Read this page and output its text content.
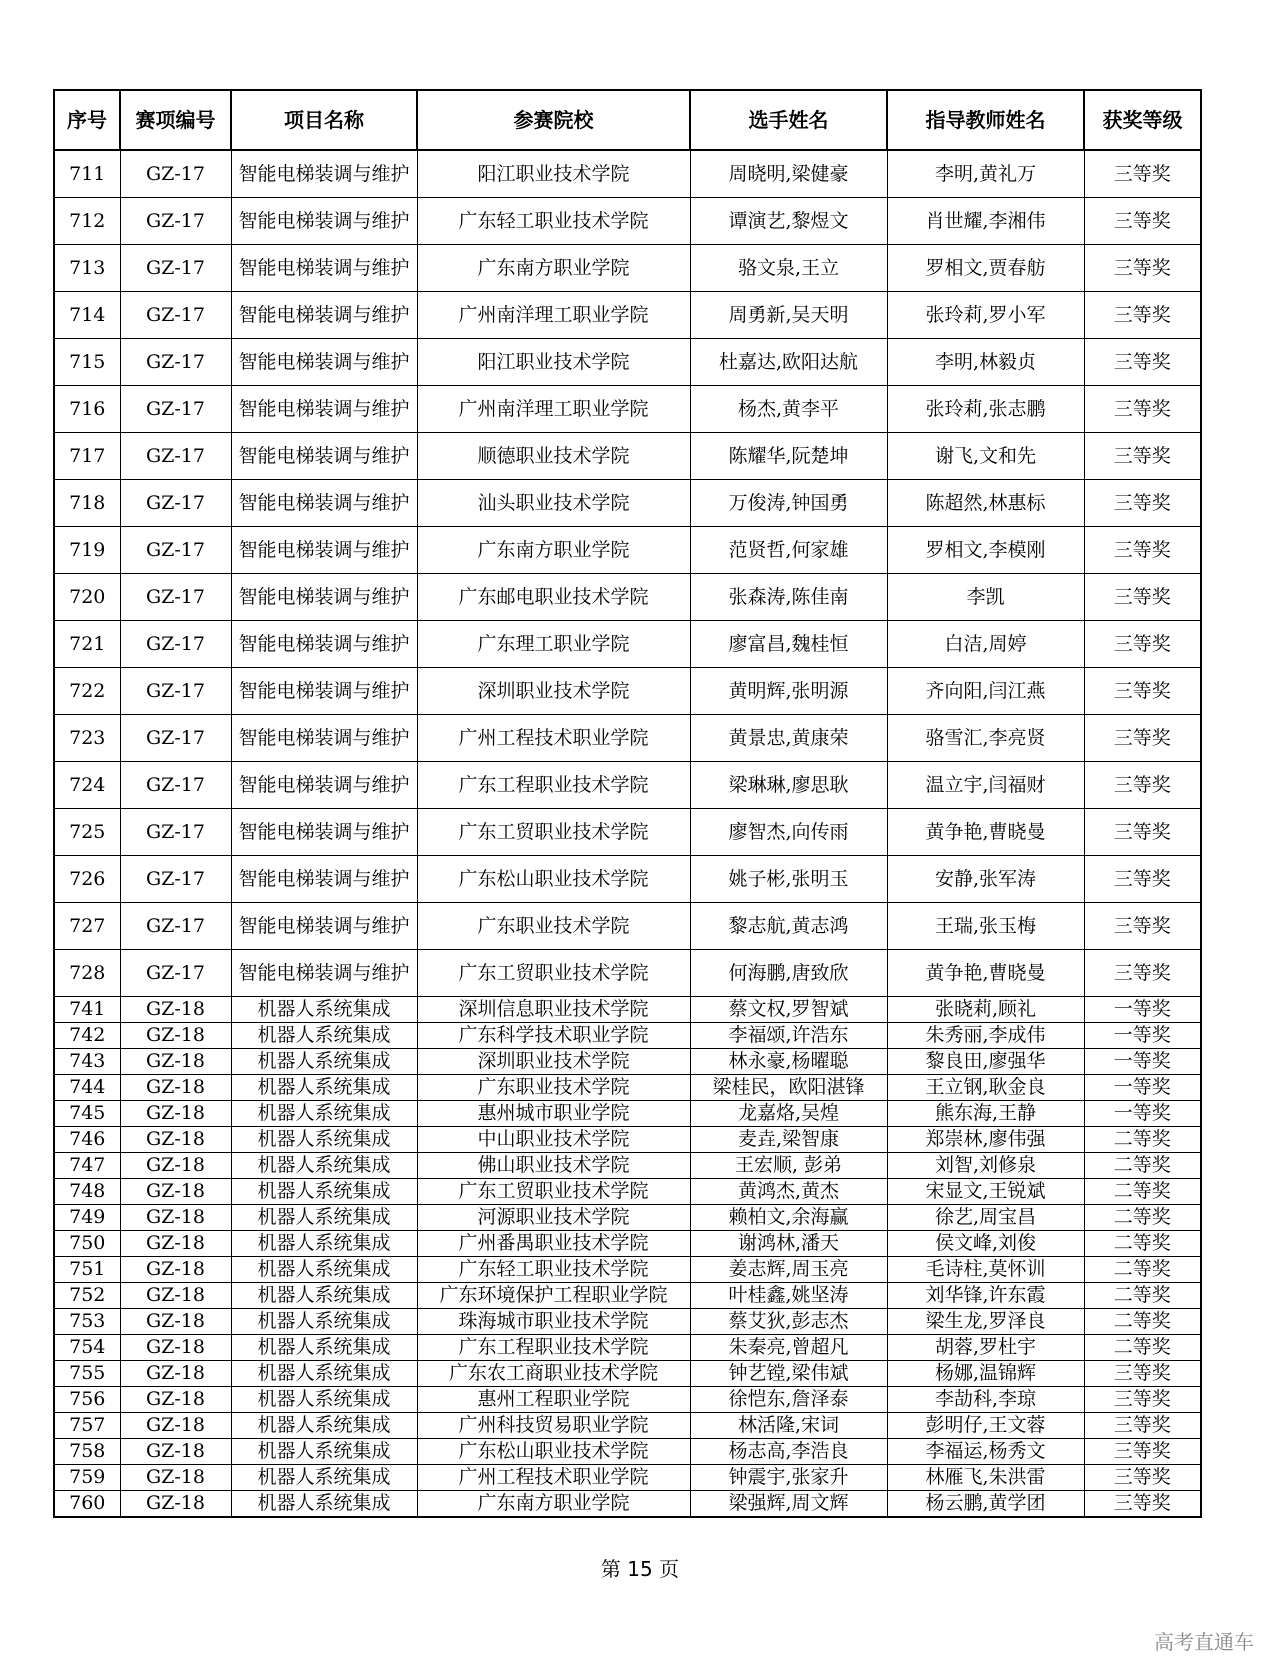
序号	赛项编号	项目名称	参赛院校	选手姓名	指导教师姓名	获奖等级
711	GZ-17	智能电梯装调与维护	阳江职业技术学院	周晓明,梁健豪	李明,黄礼万	三等奖
712	GZ-17	智能电梯装调与维护	广东轻工职业技术学院	谭演艺,黎煜文	肖世耀,李湘伟	三等奖
713	GZ-17	智能电梯装调与维护	广东南方职业学院	骆文泉,王立	罗相文,贾春舫	三等奖
714	GZ-17	智能电梯装调与维护	广州南洋理工职业学院	周勇新,吴天明	张玲莉,罗小军	三等奖
715	GZ-17	智能电梯装调与维护	阳江职业技术学院	杜嘉达,欧阳达航	李明,林毅贞	三等奖
716	GZ-17	智能电梯装调与维护	广州南洋理工职业学院	杨杰,黄李平	张玲莉,张志鹏	三等奖
717	GZ-17	智能电梯装调与维护	顺德职业技术学院	陈耀华,阮楚坤	谢飞,文和先	三等奖
718	GZ-17	智能电梯装调与维护	汕头职业技术学院	万俊涛,钟国勇	陈超然,林惠标	三等奖
719	GZ-17	智能电梯装调与维护	广东南方职业学院	范贤哲,何家雄	罗相文,李模刚	三等奖
720	GZ-17	智能电梯装调与维护	广东邮电职业技术学院	张森涛,陈佳南	李凯	三等奖
721	GZ-17	智能电梯装调与维护	广东理工职业学院	廖富昌,魏桂恒	白洁,周婷	三等奖
722	GZ-17	智能电梯装调与维护	深圳职业技术学院	黄明辉,张明源	齐向阳,闫江燕	三等奖
723	GZ-17	智能电梯装调与维护	广州工程技术职业学院	黄景忠,黄康荣	骆雪汇,李亮贤	三等奖
724	GZ-17	智能电梯装调与维护	广东工程职业技术学院	梁琳琳,廖思耿	温立宇,闫福财	三等奖
725	GZ-17	智能电梯装调与维护	广东工贸职业技术学院	廖智杰,向传雨	黄争艳,曹晓曼	三等奖
726	GZ-17	智能电梯装调与维护	广东松山职业技术学院	姚子彬,张明玉	安静,张军涛	三等奖
727	GZ-17	智能电梯装调与维护	广东职业技术学院	黎志航,黄志鸿	王瑞,张玉梅	三等奖
728	GZ-17	智能电梯装调与维护	广东工贸职业技术学院	何海鹏,唐致欣	黄争艳,曹晓曼	三等奖
741	GZ-18	机器人系统集成	深圳信息职业技术学院	蔡文权,罗智斌	张晓莉,顾礼	一等奖
742	GZ-18	机器人系统集成	广东科学技术职业学院	李福颂,许浩东	朱秀丽,李成伟	一等奖
743	GZ-18	机器人系统集成	深圳职业技术学院	林永豪,杨曜聪	黎良田,廖强华	一等奖
744	GZ-18	机器人系统集成	广东职业技术学院	梁桂民，欧阳湛锋	王立钢,耿金良	一等奖
745	GZ-18	机器人系统集成	惠州城市职业学院	龙嘉烙,吴煌	熊东海,王静	一等奖
746	GZ-18	机器人系统集成	中山职业技术学院	麦垚,梁智康	郑崇林,廖伟强	二等奖
747	GZ-18	机器人系统集成	佛山职业技术学院	王宏顺, 彭弟	刘智,刘修泉	二等奖
748	GZ-18	机器人系统集成	广东工贸职业技术学院	黄鸿杰,黄杰	宋显文,王锐斌	二等奖
749	GZ-18	机器人系统集成	河源职业技术学院	赖柏文,余海赢	徐艺,周宝昌	二等奖
750	GZ-18	机器人系统集成	广州番禺职业技术学院	谢鸿林,潘天	侯文峰,刘俊	二等奖
751	GZ-18	机器人系统集成	广东轻工职业技术学院	姜志辉,周玉亮	毛诗柱,莫怀训	二等奖
752	GZ-18	机器人系统集成	广东环境保护工程职业学院	叶桂鑫,姚坚涛	刘华锋,许东霞	二等奖
753	GZ-18	机器人系统集成	珠海城市职业技术学院	蔡艾狄,彭志杰	梁生龙,罗泽良	二等奖
754	GZ-18	机器人系统集成	广东工程职业技术学院	朱秦亮,曾超凡	胡蓉,罗杜宇	二等奖
755	GZ-18	机器人系统集成	广东农工商职业技术学院	钟艺镗,梁伟斌	杨娜,温锦辉	三等奖
756	GZ-18	机器人系统集成	惠州工程职业学院	徐恺东,詹泽泰	李劼科,李琼	三等奖
757	GZ-18	机器人系统集成	广州科技贸易职业学院	林活隆,宋词	彭明仔,王文蓉	三等奖
758	GZ-18	机器人系统集成	广东松山职业技术学院	杨志高,李浩良	李福运,杨秀文	三等奖
759	GZ-18	机器人系统集成	广州工程技术职业学院	钟震宇,张家升	林雁飞,朱洪雷	三等奖
760	GZ-18	机器人系统集成	广东南方职业学院	梁强辉,周文辉	杨云鹏,黄学团	三等奖
第 15 页
高考直通车
